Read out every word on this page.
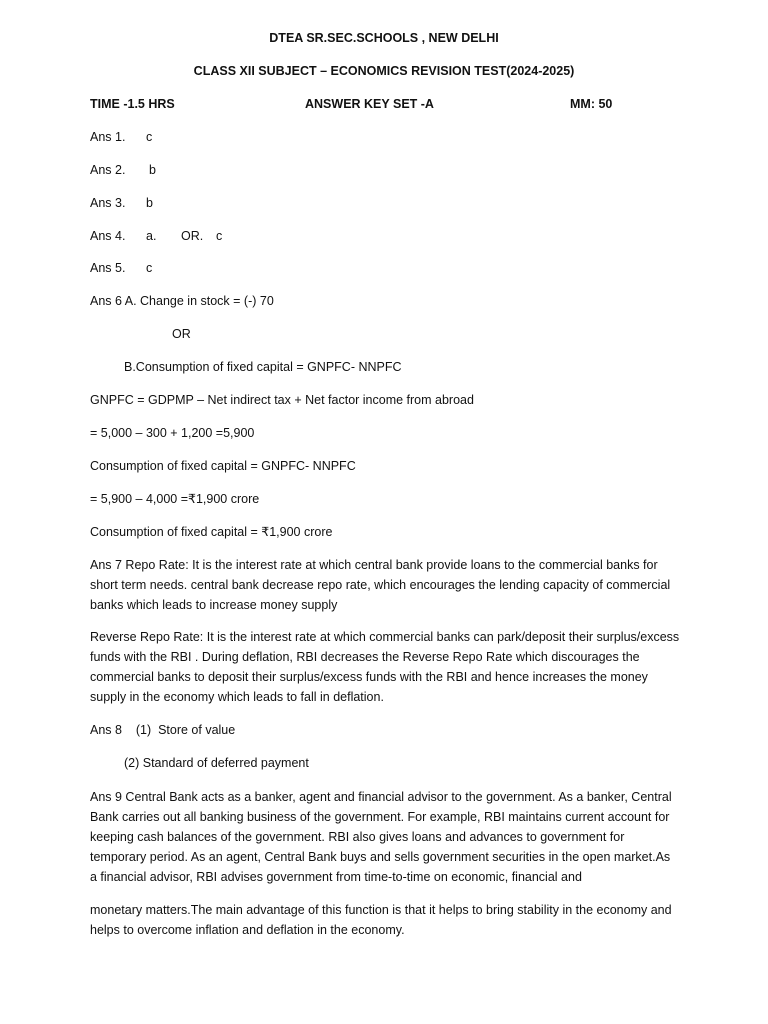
DTEA SR.SEC.SCHOOLS , NEW DELHI
CLASS XII SUBJECT – ECONOMICS REVISION TEST(2024-2025)
TIME -1.5 HRS	ANSWER KEY SET -A	MM: 50
Ans 1. c
Ans 2. b
Ans 3. b
Ans 4. a. OR. c
Ans 5. c
Ans 6 A. Change in stock = (-) 70
OR
B.Consumption of fixed capital = GNPFC- NNPFC
GNPFC = GDPMP – Net indirect tax + Net factor income from abroad
= 5,000 – 300 + 1,200 =5,900
Consumption of fixed capital = GNPFC- NNPFC
= 5,900 – 4,000 =₹1,900 crore
Consumption of fixed capital = ₹1,900 crore
Ans 7 Repo Rate: It is the interest rate at which central bank provide loans to the commercial banks for short term needs. central bank decrease repo rate, which encourages the lending capacity of commercial banks which leads to increase money supply
Reverse Repo Rate: It is the interest rate at which commercial banks can park/deposit their surplus/excess funds with the RBI . During deflation, RBI decreases the Reverse Repo Rate which discourages the commercial banks to deposit their surplus/excess funds with the RBI and hence increases the money supply in the economy which leads to fall in deflation.
Ans 8    (1)  Store of value
(2) Standard of deferred payment
Ans 9 Central Bank acts as a banker, agent and financial advisor to the government. As a banker, Central Bank carries out all banking business of the government. For example, RBI maintains current account for keeping cash balances of the government. RBI also gives loans and advances to government for temporary period. As an agent, Central Bank buys and sells government securities in the open market.As a financial advisor, RBI advises government from time-to-time on economic, financial and
monetary matters.The main advantage of this function is that it helps to bring stability in the economy and helps to overcome inflation and deflation in the economy.
